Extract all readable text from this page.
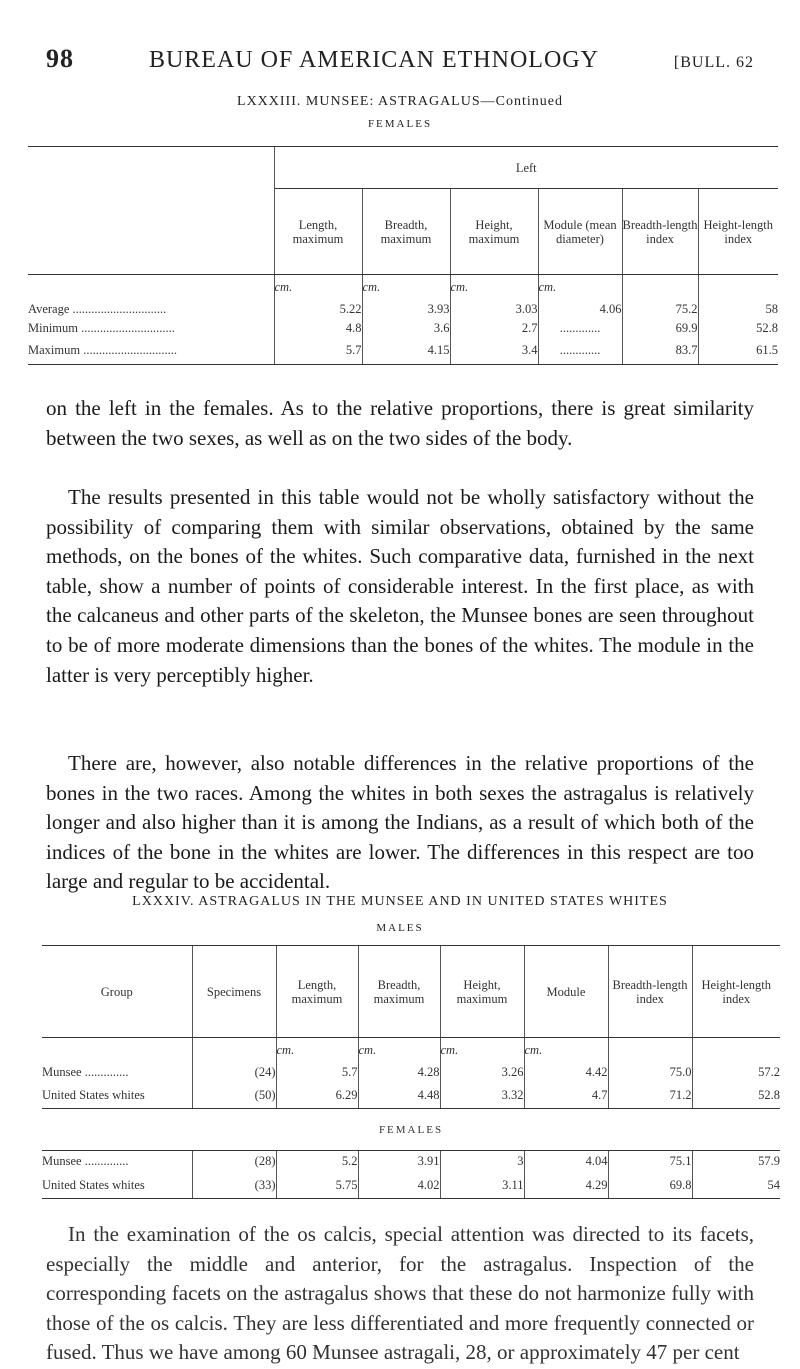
98	BUREAU OF AMERICAN ETHNOLOGY	[BULL. 62
LXXXIII. MUNSEE: ASTRAGALUS—Continued
FEMALES
	Left					
	Length, maximum	Breadth, maximum	Height, maximum	Module (mean diameter)	Breadth-length index	Height-length index
	cm.	cm.	cm.	cm.		
Average ..............................	5.22	3.93	3.03	4.06	75.2	58
Minimum ..............................	4.8	3.6	2.7	.............	69.9	52.8
Maximum ..............................	5.7	4.15	3.4	.............	83.7	61.5

on the left in the females. As to the relative proportions, there is great similarity between the two sexes, as well as on the two sides of the body.

The results presented in this table would not be wholly satisfactory without the possibility of comparing them with similar observations, obtained by the same methods, on the bones of the whites. Such comparative data, furnished in the next table, show a number of points of considerable interest. In the first place, as with the calcaneus and other parts of the skeleton, the Munsee bones are seen throughout to be of more moderate dimensions than the bones of the whites. The module in the latter is very perceptibly higher.

There are, however, also notable differences in the relative proportions of the bones in the two races. Among the whites in both sexes the astragalus is relatively longer and also higher than it is among the Indians, as a result of which both of the indices of the bone in the whites are lower. The differences in this respect are too large and regular to be accidental.

LXXXIV. ASTRAGALUS IN THE MUNSEE AND IN UNITED STATES WHITES
MALES
Group	Specimens	Length, maximum	Breadth, maximum	Height, maximum	Module	Breadth-length index	Height-length index
		cm.	cm.	cm.	cm.		
Munsee ..............	(24)	5.7	4.28	3.26	4.42	75.0	57.2
United States whites	(50)	6.29	4.48	3.32	4.7	71.2	52.8
FEMALES							
Munsee ..............	(28)	5.2	3.91	3	4.04	75.1	57.9
United States whites	(33)	5.75	4.02	3.11	4.29	69.8	54

In the examination of the os calcis, special attention was directed to its facets, especially the middle and anterior, for the astragalus. Inspection of the corresponding facets on the astragalus shows that these do not harmonize fully with those of the os calcis. They are less differentiated and more frequently connected or fused. Thus we have among 60 Munsee astragali, 28, or approximately 47 per cent
